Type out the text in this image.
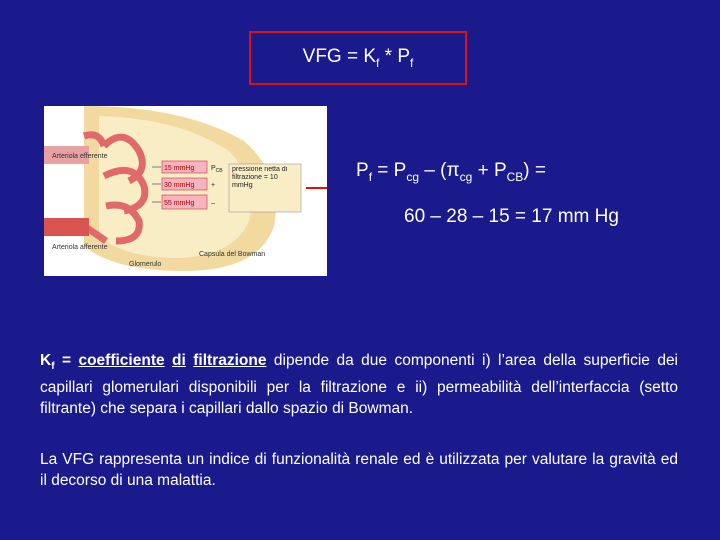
VFG = $K_f * P_f$
Arteriola efferente
Arteriola afferente
Glomerulo
Capsula del Bowman
15 mmHg
30 mmHg
55 mmHg
$P_{CB}$
+
–
pressione netta di filtrazione = 10 mmHg
$P_f = P_{cg} - (\pi_{cg} + P_{CB})$ =
60 – 28 – 15 = 17 mm Hg
$K_f$ = coefficiente di filtrazione dipende da due componenti i) l’area della superficie dei capillari glomerulari disponibili per la filtrazione e ii) permeabilità dell’interfaccia (setto filtrante) che separa i capillari dallo spazio di Bowman.
La VFG rappresenta un indice di funzionalità renale ed è utilizzata per valutare la gravità ed il decorso di una malattia.
